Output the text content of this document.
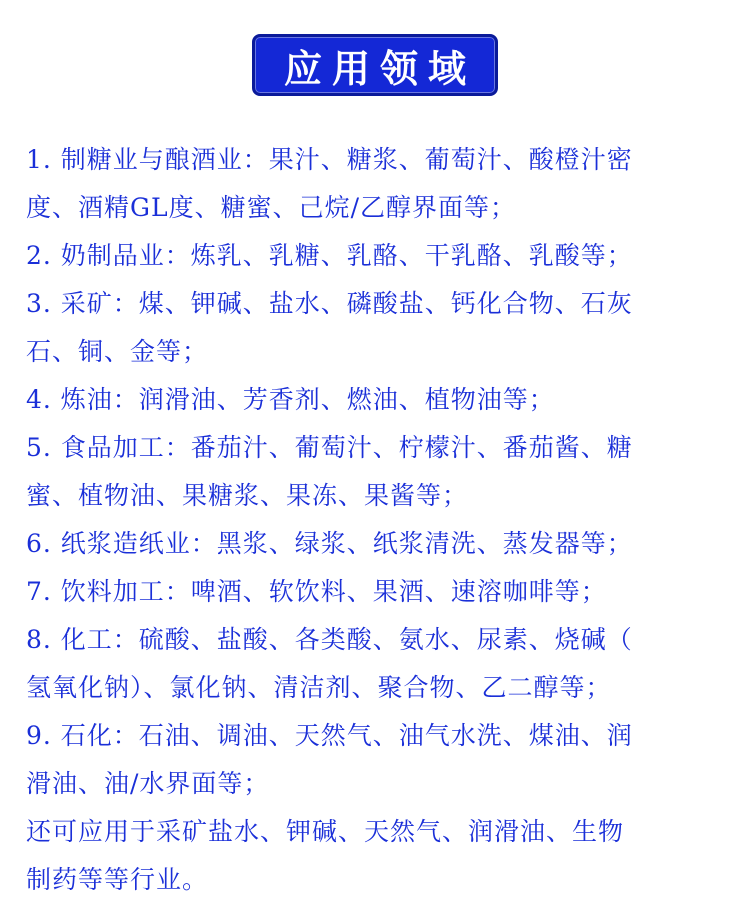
应用领域

1. 制糖业与酿酒业：果汁、糖浆、葡萄汁、酸橙汁密
度、酒精GL度、糖蜜、己烷/乙醇界面等；

2. 奶制品业：炼乳、乳糖、乳酪、干乳酪、乳酸等；

3. 采矿：煤、钾碱、盐水、磷酸盐、钙化合物、石灰
石、铜、金等；

4. 炼油：润滑油、芳香剂、燃油、植物油等；

5. 食品加工：番茄汁、葡萄汁、柠檬汁、番茄酱、糖
蜜、植物油、果糖浆、果冻、果酱等；

6. 纸浆造纸业：黑浆、绿浆、纸浆清洗、蒸发器等；

7. 饮料加工：啤酒、软饮料、果酒、速溶咖啡等；

8. 化工：硫酸、盐酸、各类酸、氨水、尿素、烧碱（
氢氧化钠）、氯化钠、清洁剂、聚合物、乙二醇等；

9. 石化：石油、调油、天然气、油气水洗、煤油、润
滑油、油/水界面等；

还可应用于采矿盐水、钾碱、天然气、润滑油、生物
制药等等行业。
